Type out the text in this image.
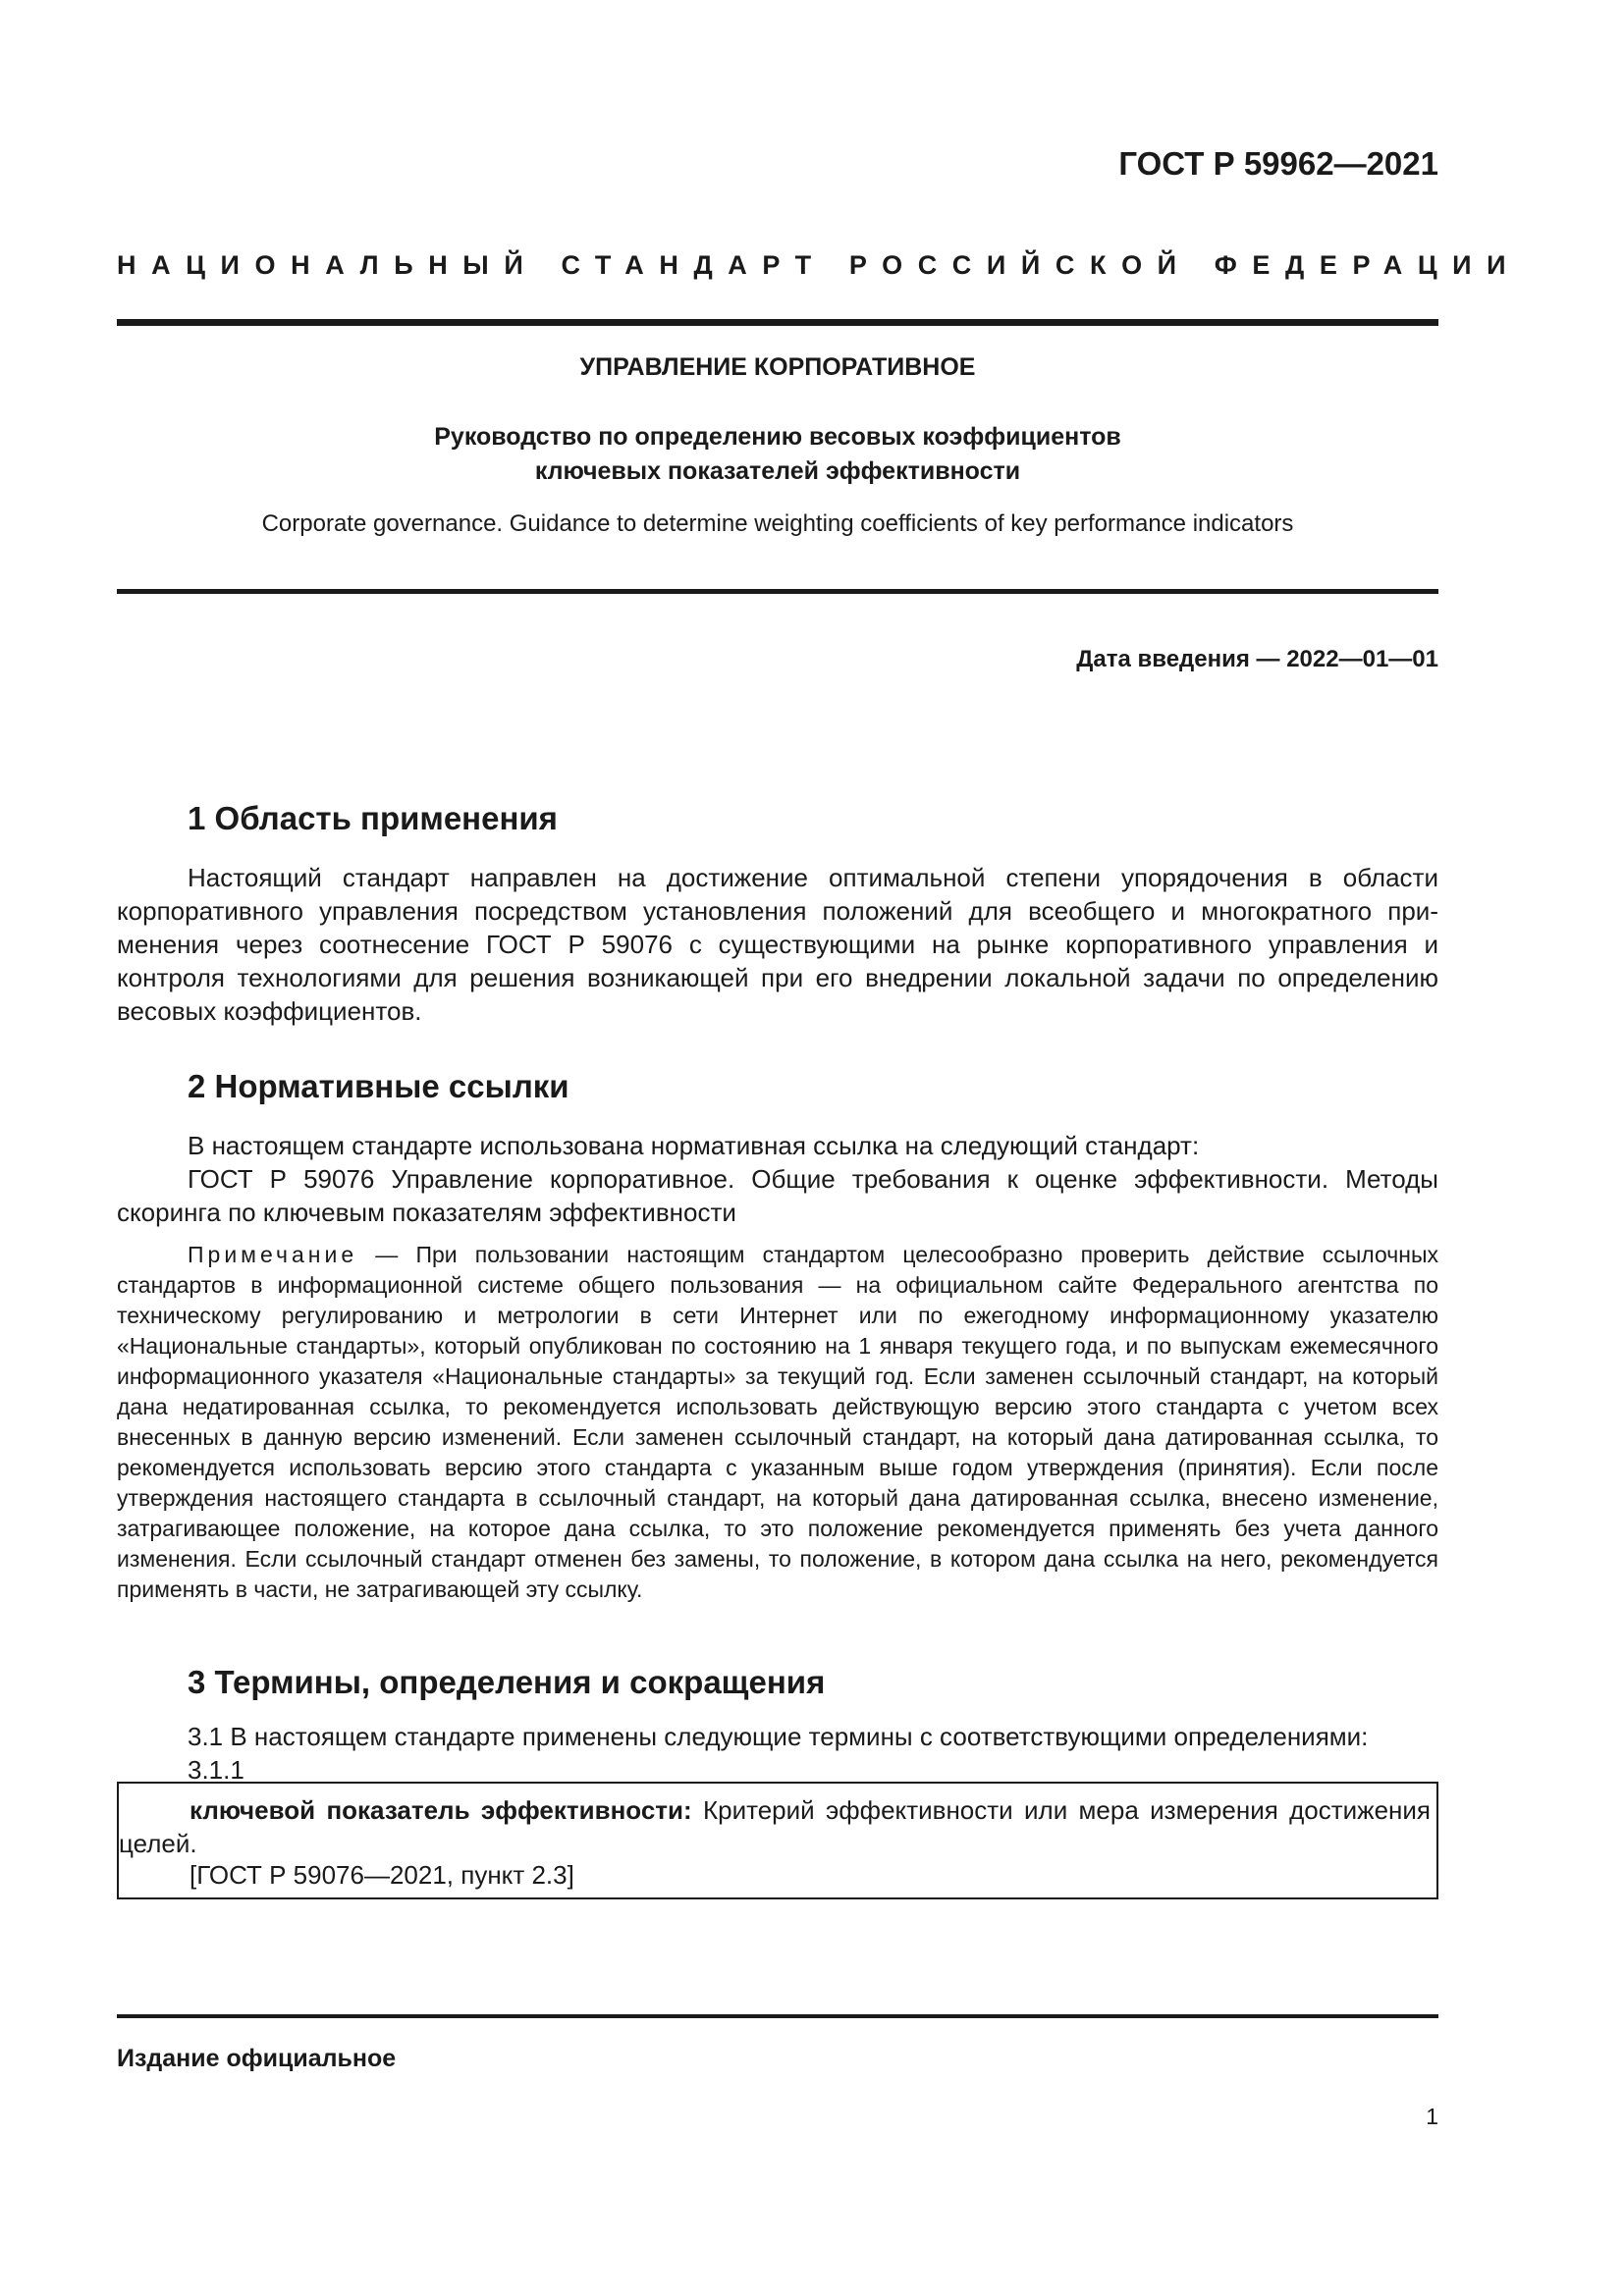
ГОСТ Р 59962—2021
НАЦИОНАЛЬНЫЙ СТАНДАРТ РОССИЙСКОЙ ФЕДЕРАЦИИ
УПРАВЛЕНИЕ КОРПОРАТИВНОЕ
Руководство по определению весовых коэффициентов
ключевых показателей эффективности
Corporate governance. Guidance to determine weighting coefficients of key performance indicators
Дата введения — 2022—01—01
1 Область применения
Настоящий стандарт направлен на достижение оптимальной степени упорядочения в области корпоративного управления посредством установления положений для всеобщего и многократного применения через соотнесение ГОСТ Р 59076 с существующими на рынке корпоративного управления и контроля технологиями для решения возникающей при его внедрении локальной задачи по определению весовых коэффициентов.
2 Нормативные ссылки
В настоящем стандарте использована нормативная ссылка на следующий стандарт:
ГОСТ Р 59076 Управление корпоративное. Общие требования к оценке эффективности. Методы скоринга по ключевым показателям эффективности
Примечание — При пользовании настоящим стандартом целесообразно проверить действие ссылочных стандартов в информационной системе общего пользования — на официальном сайте Федерального агентства по техническому регулированию и метрологии в сети Интернет или по ежегодному информационному указателю «Национальные стандарты», который опубликован по состоянию на 1 января текущего года, и по выпускам ежемесячного информационного указателя «Национальные стандарты» за текущий год. Если заменен ссылочный стандарт, на который дана недатированная ссылка, то рекомендуется использовать действующую версию этого стандарта с учетом всех внесенных в данную версию изменений. Если заменен ссылочный стандарт, на который дана датированная ссылка, то рекомендуется использовать версию этого стандарта с указанным выше годом утверждения (принятия). Если после утверждения настоящего стандарта в ссылочный стандарт, на который дана датированная ссылка, внесено изменение, затрагивающее положение, на которое дана ссылка, то это положение рекомендуется применять без учета данного изменения. Если ссылочный стандарт отменен без замены, то положение, в котором дана ссылка на него, рекомендуется применять в части, не затрагивающей эту ссылку.
3 Термины, определения и сокращения
3.1 В настоящем стандарте применены следующие термины с соответствующими определениями:
3.1.1
ключевой показатель эффективности: Критерий эффективности или мера измерения достижения целей.
[ГОСТ Р 59076—2021, пункт 2.3]
Издание официальное
1
